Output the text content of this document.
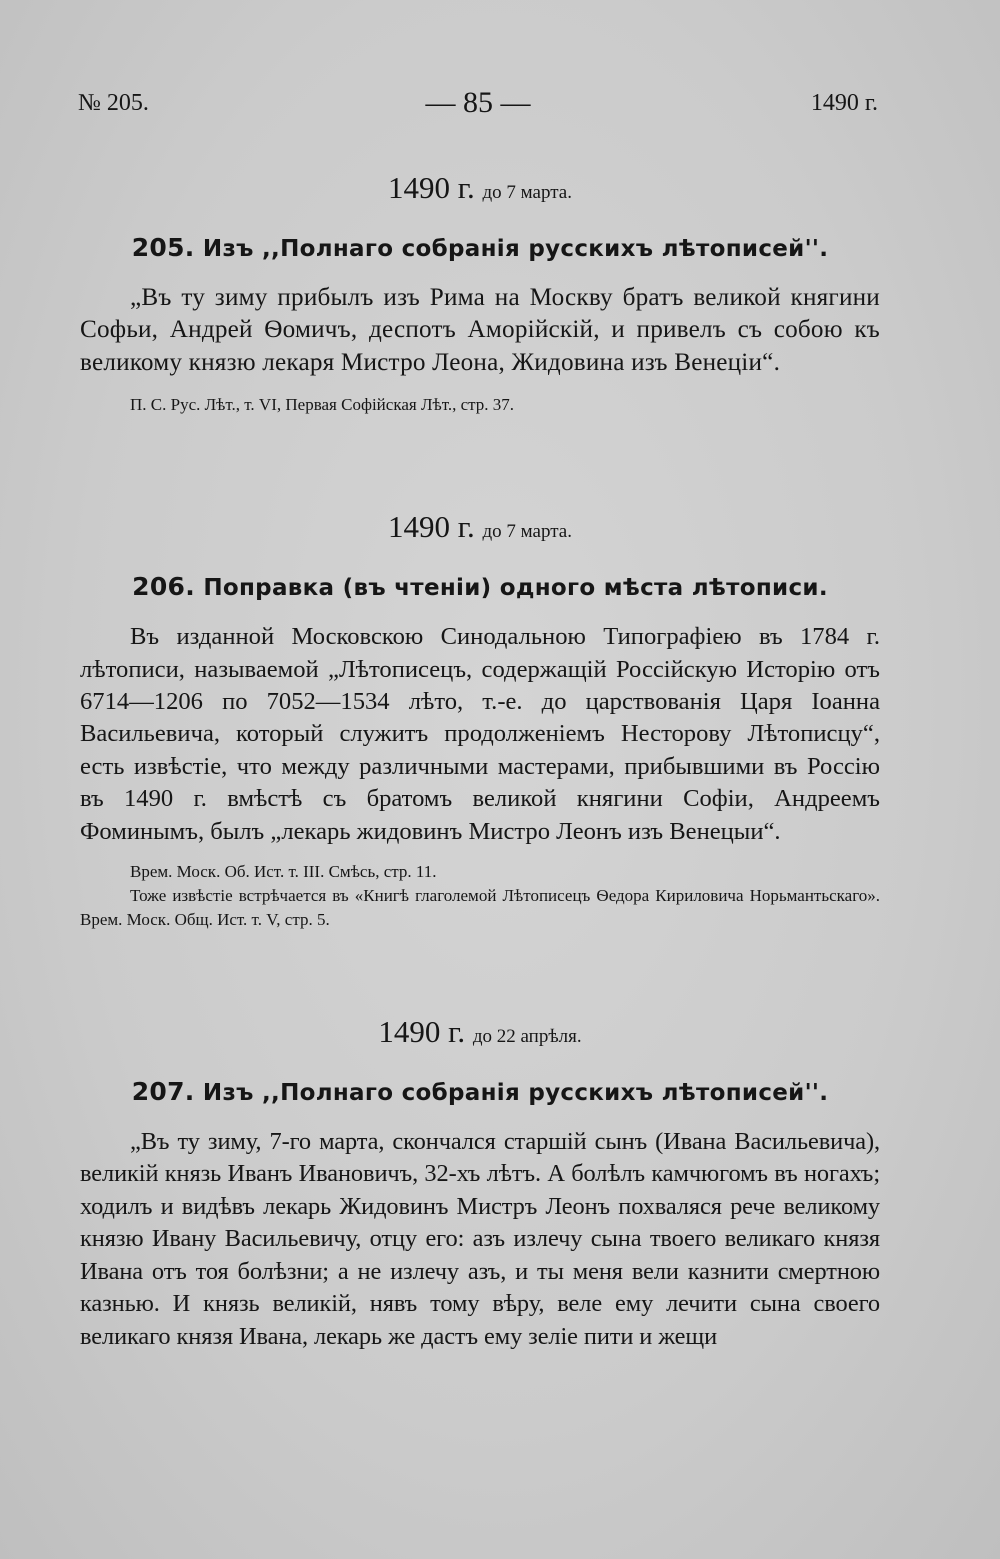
№ 205.	— 85 —	1490 г.

1490 г. до 7 марта.

205. Изъ ,,Полнаго собранія русскихъ лѣтописей''.

„Въ ту зиму прибылъ изъ Рима на Москву братъ великой княгини Софьи, Андрей Ѳомичъ, деспотъ Аморійскій, и привелъ съ собою къ великому князю лекаря Мистро Леона, Жидовина изъ Венеціи“.

П. С. Рус. Лѣт., т. VI, Первая Софійская Лѣт., стр. 37.

1490 г. до 7 марта.

206. Поправка (въ чтеніи) одного мѣста лѣтописи.

Въ изданной Московскою Синодальною Типографіею въ 1784 г. лѣтописи, называемой „Лѣтописецъ, содержащій Россійскую Исторію отъ 6714—1206 по 7052—1534 лѣто, т.-е. до царствованія Царя Іоанна Васильевича, который служитъ продолженіемъ Несторову Лѣтописцу“, есть извѣстіе, что между различными мастерами, прибывшими въ Россію въ 1490 г. вмѣстѣ съ братомъ великой княгини Софіи, Андреемъ Фоминымъ, былъ „лекарь жидовинъ Мистро Леонъ изъ Венецыи“.

Врем. Моск. Об. Ист. т. III. Смѣсь, стр. 11.

Тоже извѣстіе встрѣчается въ «Книгѣ глаголемой Лѣтописецъ Ѳедора Кириловича Норьмантьскаго». Врем. Моск. Общ. Ист. т. V, стр. 5.

1490 г. до 22 апрѣля.

207. Изъ ,,Полнаго собранія русскихъ лѣтописей''.

„Въ ту зиму, 7-го марта, скончался старшій сынъ (Ивана Васильевича), великій князь Иванъ Ивановичъ, 32-хъ лѣтъ. А болѣлъ камчюгомъ въ ногахъ; ходилъ и видѣвъ лекарь Жидовинъ Мистръ Леонъ похваляся рече великому князю Ивану Васильевичу, отцу его: азъ излечу сына твоего великаго князя Ивана отъ тоя болѣзни; а не излечу азъ, и ты меня вели казнити смертною казнью. И князь великій, нявъ тому вѣру, веле ему лечити сына своего великаго князя Ивана, лекарь же дастъ ему зеліе пити и жещи
